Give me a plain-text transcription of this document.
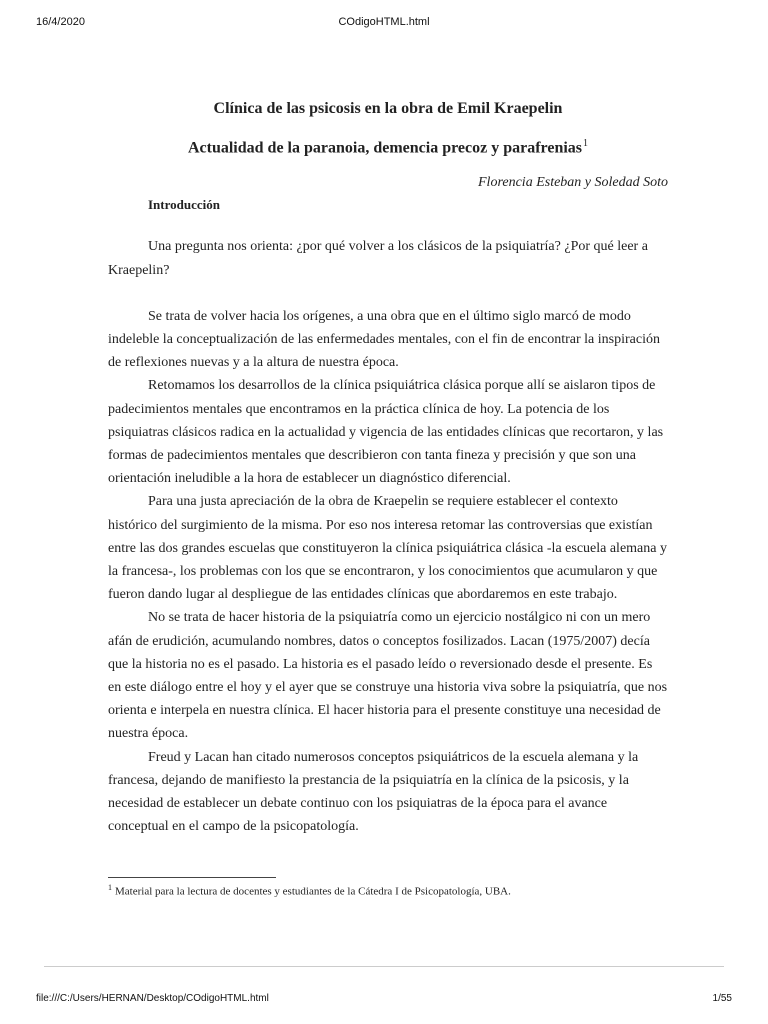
16/4/2020	COdigoHTML.html
Clínica de las psicosis en la obra de Emil Kraepelin
Actualidad de la paranoia, demencia precoz y parafrenias$^1$
Florencia Esteban y Soledad Soto
Introducción

Una pregunta nos orienta: ¿por qué volver a los clásicos de la psiquiatría? ¿Por qué leer a Kraepelin?

Se trata de volver hacia los orígenes, a una obra que en el último siglo marcó de modo indeleble la conceptualización de las enfermedades mentales, con el fin de encontrar la inspiración de reflexiones nuevas y a la altura de nuestra época.

Retomamos los desarrollos de la clínica psiquiátrica clásica porque allí se aislaron tipos de padecimientos mentales que encontramos en la práctica clínica de hoy. La potencia de los psiquiatras clásicos radica en la actualidad y vigencia de las entidades clínicas que recortaron, y las formas de padecimientos mentales que describieron con tanta fineza y precisión y que son una orientación ineludible a la hora de establecer un diagnóstico diferencial.

Para una justa apreciación de la obra de Kraepelin se requiere establecer el contexto histórico del surgimiento de la misma. Por eso nos interesa retomar las controversias que existían entre las dos grandes escuelas que constituyeron la clínica psiquiátrica clásica -la escuela alemana y la francesa-, los problemas con los que se encontraron, y los conocimientos que acumularon y que fueron dando lugar al despliegue de las entidades clínicas que abordaremos en este trabajo.

No se trata de hacer historia de la psiquiatría como un ejercicio nostálgico ni con un mero afán de erudición, acumulando nombres, datos o conceptos fosilizados. Lacan (1975/2007) decía que la historia no es el pasado. La historia es el pasado leído o reversionado desde el presente. Es en este diálogo entre el hoy y el ayer que se construye una historia viva sobre la psiquiatría, que nos orienta e interpela en nuestra clínica. El hacer historia para el presente constituye una necesidad de nuestra época.

Freud y Lacan han citado numerosos conceptos psiquiátricos de la escuela alemana y la francesa, dejando de manifiesto la prestancia de la psiquiatría en la clínica de la psicosis, y la necesidad de establecer un debate continuo con los psiquiatras de la época para el avance conceptual en el campo de la psicopatología.

$^1$ Material para la lectura de docentes y estudiantes de la Cátedra I de Psicopatología, UBA.
file:///C:/Users/HERNAN/Desktop/COdigoHTML.html	1/55
